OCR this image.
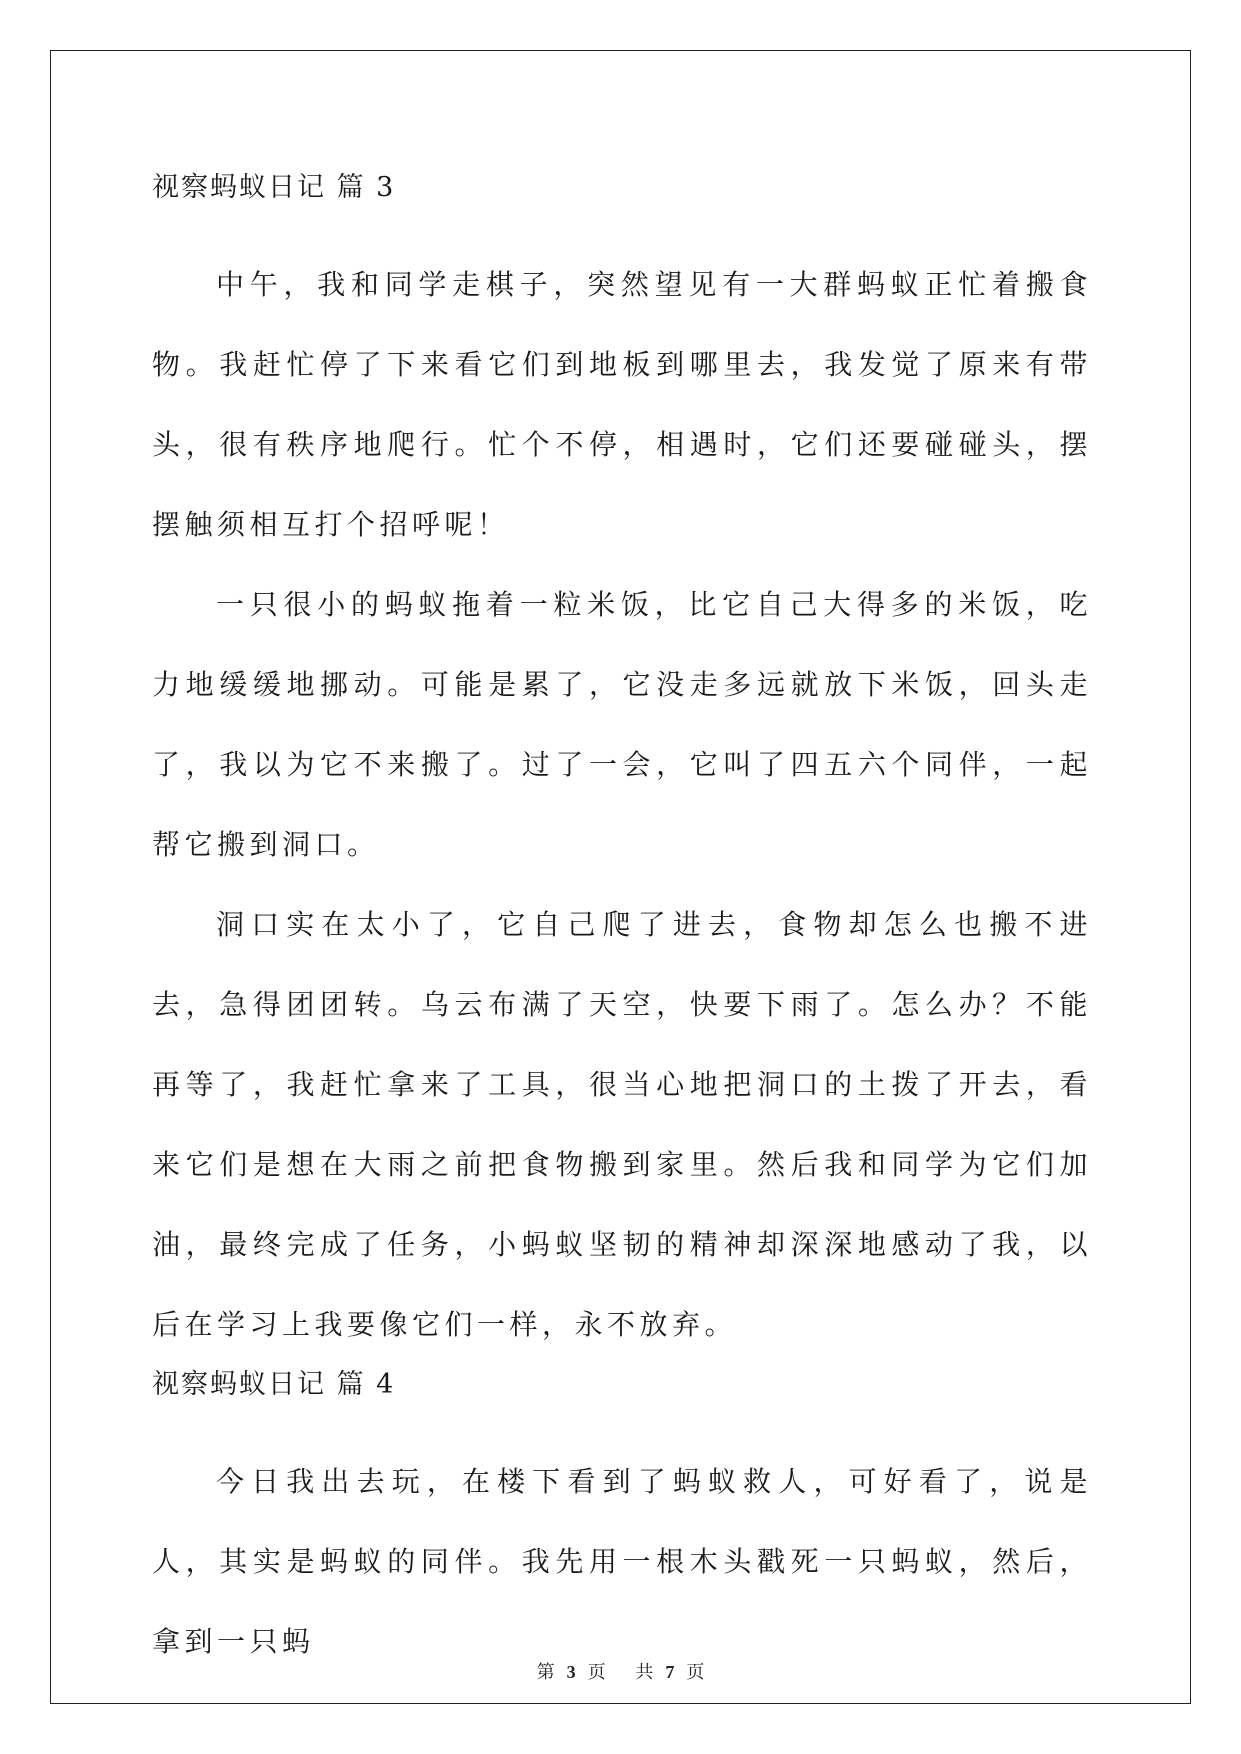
视察蚂蚁日记 篇 3

中午，我和同学走棋子，突然望见有一大群蚂蚁正忙着搬食物。我赶忙停了下来看它们到地板到哪里去，我发觉了原来有带头，很有秩序地爬行。忙个不停，相遇时，它们还要碰碰头，摆摆触须相互打个招呼呢！

一只很小的蚂蚁拖着一粒米饭，比它自己大得多的米饭，吃力地缓缓地挪动。可能是累了，它没走多远就放下米饭，回头走了，我以为它不来搬了。过了一会，它叫了四五六个同伴，一起帮它搬到洞口。

洞口实在太小了，它自己爬了进去，食物却怎么也搬不进去，急得团团转。乌云布满了天空，快要下雨了。怎么办？不能再等了，我赶忙拿来了工具，很当心地把洞口的土拨了开去，看来它们是想在大雨之前把食物搬到家里。然后我和同学为它们加油，最终完成了任务，小蚂蚁坚韧的精神却深深地感动了我，以后在学习上我要像它们一样，永不放弃。

视察蚂蚁日记 篇 4

今日我出去玩，在楼下看到了蚂蚁救人，可好看了，说是人，其实是蚂蚁的同伴。我先用一根木头戳死一只蚂蚁，然后，拿到一只蚂

第 3 页 共 7 页
